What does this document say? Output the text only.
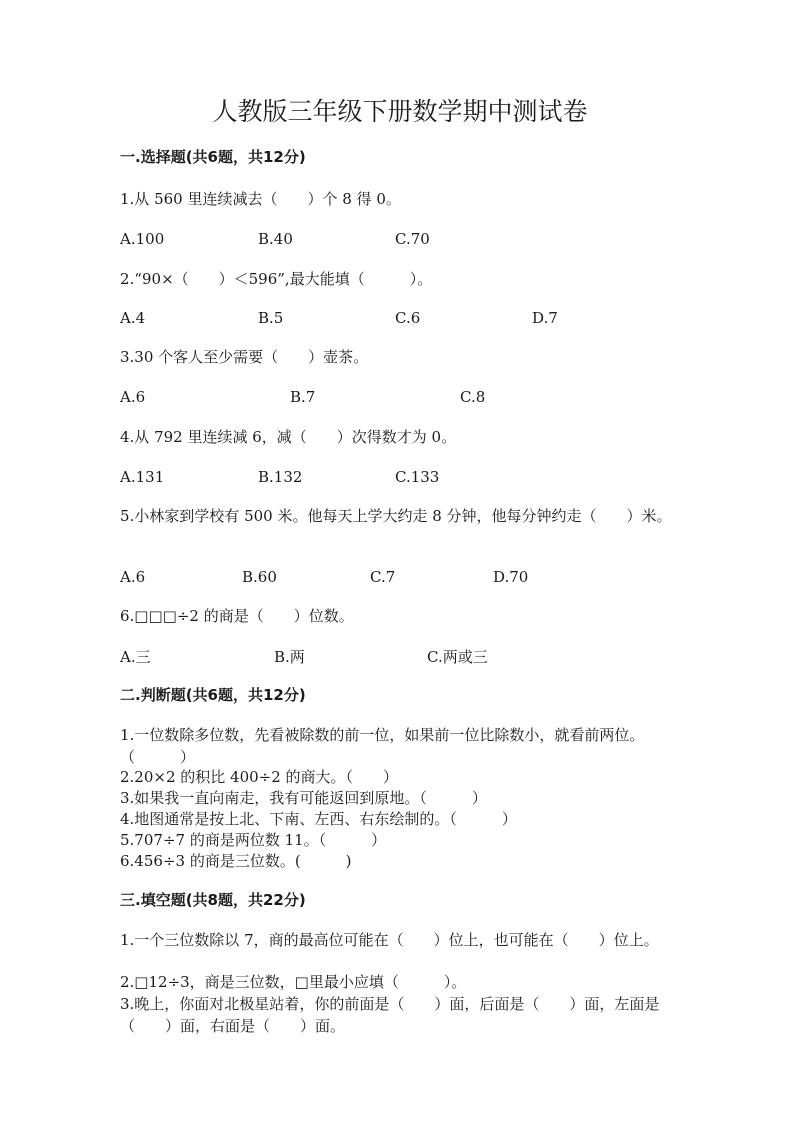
人教版三年级下册数学期中测试卷
一.选择题(共6题，共12分)
1.从 560 里连续减去（　　）个 8 得 0。
A.100	B.40	C.70
2.“90×（　　）＜596”,最大能填（　　　）。
A.4	B.5	C.6	D.7
3.30 个客人至少需要（　　）壶茶。
A.6	B.7	C.8
4.从 792 里连续减 6，减（　　）次得数才为 0。
A.131	B.132	C.133
5.小林家到学校有 500 米。他每天上学大约走 8 分钟，他每分钟约走（　　）米。
A.6	B.60	C.7	D.70
6.□□□÷2 的商是（　　）位数。
A.三	B.两	C.两或三
二.判断题(共6题，共12分)
1.一位数除多位数，先看被除数的前一位，如果前一位比除数小，就看前两位。（　　　）
2.20×2 的积比 400÷2 的商大。（　　）
3.如果我一直向南走，我有可能返回到原地。（　　　）
4.地图通常是按上北、下南、左西、右东绘制的。（　　　）
5.707÷7 的商是两位数 11。（　　　）
6.456÷3 的商是三位数。(　　　)
三.填空题(共8题，共22分)
1.一个三位数除以 7，商的最高位可能在（　　）位上，也可能在（　　）位上。
2.□12÷3，商是三位数，□里最小应填（　　　）。
3.晚上，你面对北极星站着，你的前面是（　　）面，后面是（　　）面，左面是（　　）面，右面是（　　）面。
